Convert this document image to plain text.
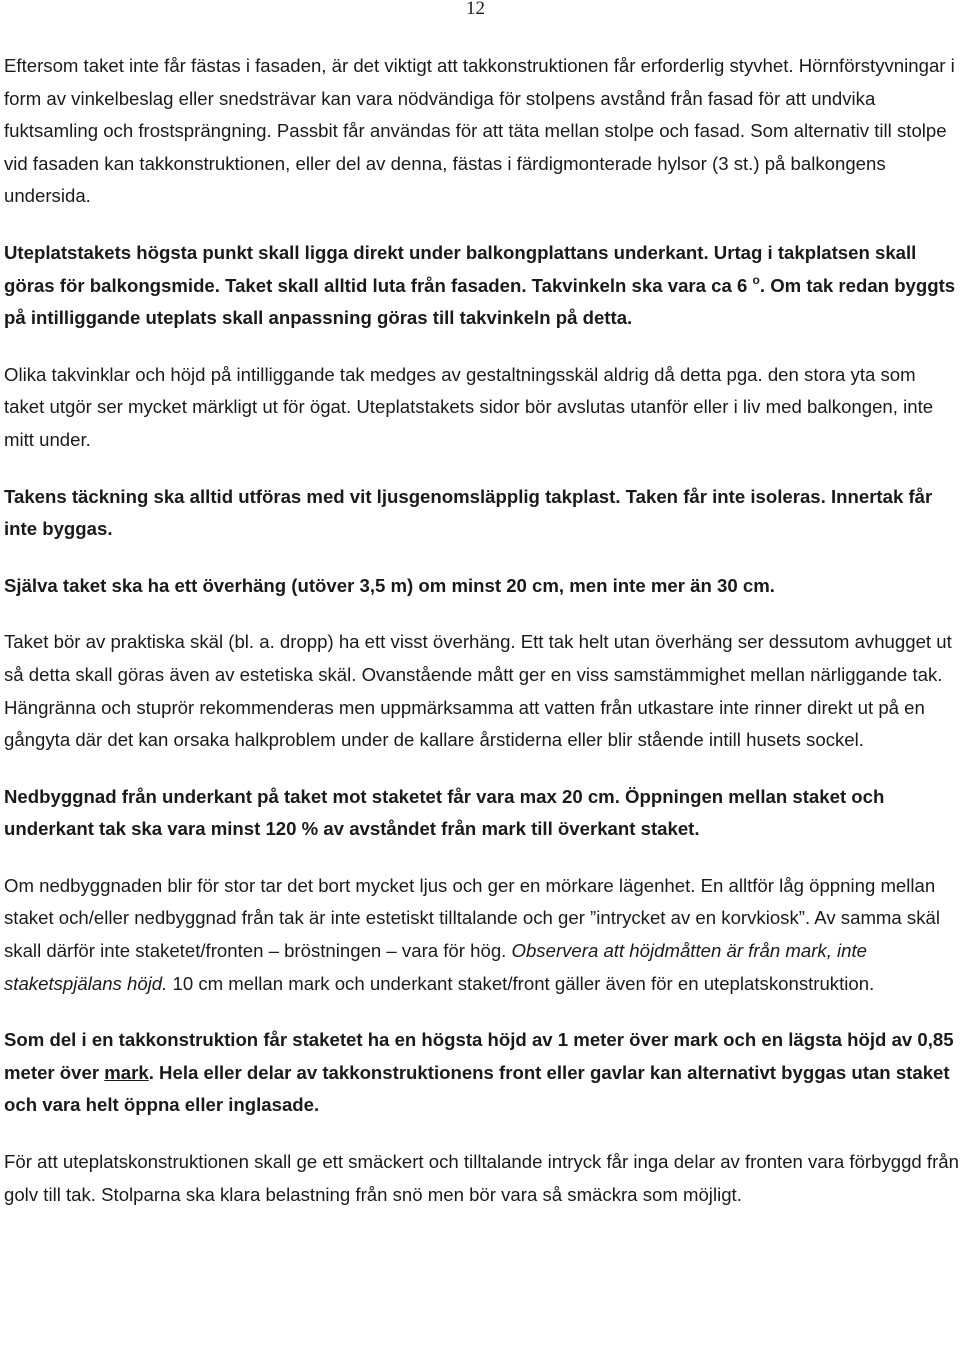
12

Eftersom taket inte får fästas i fasaden, är det viktigt att takkonstruktionen får erforderlig styvhet. Hörnförstyvningar i form av vinkelbeslag eller snedsträvar kan vara nödvändiga för stolpens avstånd från fasad för att undvika fuktsamling och frostsprängning. Passbit får användas för att täta mellan stolpe och fasad. Som alternativ till stolpe vid fasaden kan takkonstruktionen, eller del av denna, fästas i färdigmonterade hylsor (3 st.) på balkongens undersida.

Uteplatstakets högsta punkt skall ligga direkt under balkongplattans underkant. Urtag i takplatsen skall göras för balkongsmide. Taket skall alltid luta från fasaden. Takvinkeln ska vara ca 6 $^o$. Om tak redan byggts på intilliggande uteplats skall anpassning göras till takvinkeln på detta.

Olika takvinklar och höjd på intilliggande tak medges av gestaltningsskäl aldrig då detta pga. den stora yta som taket utgör ser mycket märkligt ut för ögat. Uteplatstakets sidor bör avslutas utanför eller i liv med balkongen, inte mitt under.

Takens täckning ska alltid utföras med vit ljusgenomsläpplig takplast. Taken får inte isoleras. Innertak får inte byggas.

Själva taket ska ha ett överhäng (utöver 3,5 m) om minst 20 cm, men inte mer än 30 cm.

Taket bör av praktiska skäl (bl. a. dropp) ha ett visst överhäng. Ett tak helt utan överhäng ser dessutom avhugget ut så detta skall göras även av estetiska skäl. Ovanstående mått ger en viss samstämmighet mellan närliggande tak. Hängränna och stuprör rekommenderas men uppmärksamma att vatten från utkastare inte rinner direkt ut på en gångyta där det kan orsaka halkproblem under de kallare årstiderna eller blir stående intill husets sockel.

Nedbyggnad från underkant på taket mot staketet får vara max 20 cm. Öppningen mellan staket och underkant tak ska vara minst 120 % av avståndet från mark till överkant staket.

Om nedbyggnaden blir för stor tar det bort mycket ljus och ger en mörkare lägenhet. En alltför låg öppning mellan staket och/eller nedbyggnad från tak är inte estetiskt tilltalande och ger ”intrycket av en korvkiosk”. Av samma skäl skall därför inte staketet/fronten – bröstningen – vara för hög. Observera att höjdmåtten är från mark, inte staketspjälans höjd. 10 cm mellan mark och underkant staket/front gäller även för en uteplatskonstruktion.

Som del i en takkonstruktion får staketet ha en högsta höjd av 1 meter över mark och en lägsta höjd av 0,85 meter över mark. Hela eller delar av takkonstruktionens front eller gavlar kan alternativt byggas utan staket och vara helt öppna eller inglasade.

För att uteplatskonstruktionen skall ge ett smäckert och tilltalande intryck får inga delar av fronten vara förbyggd från golv till tak. Stolparna ska klara belastning från snö men bör vara så smäckra som möjligt.
